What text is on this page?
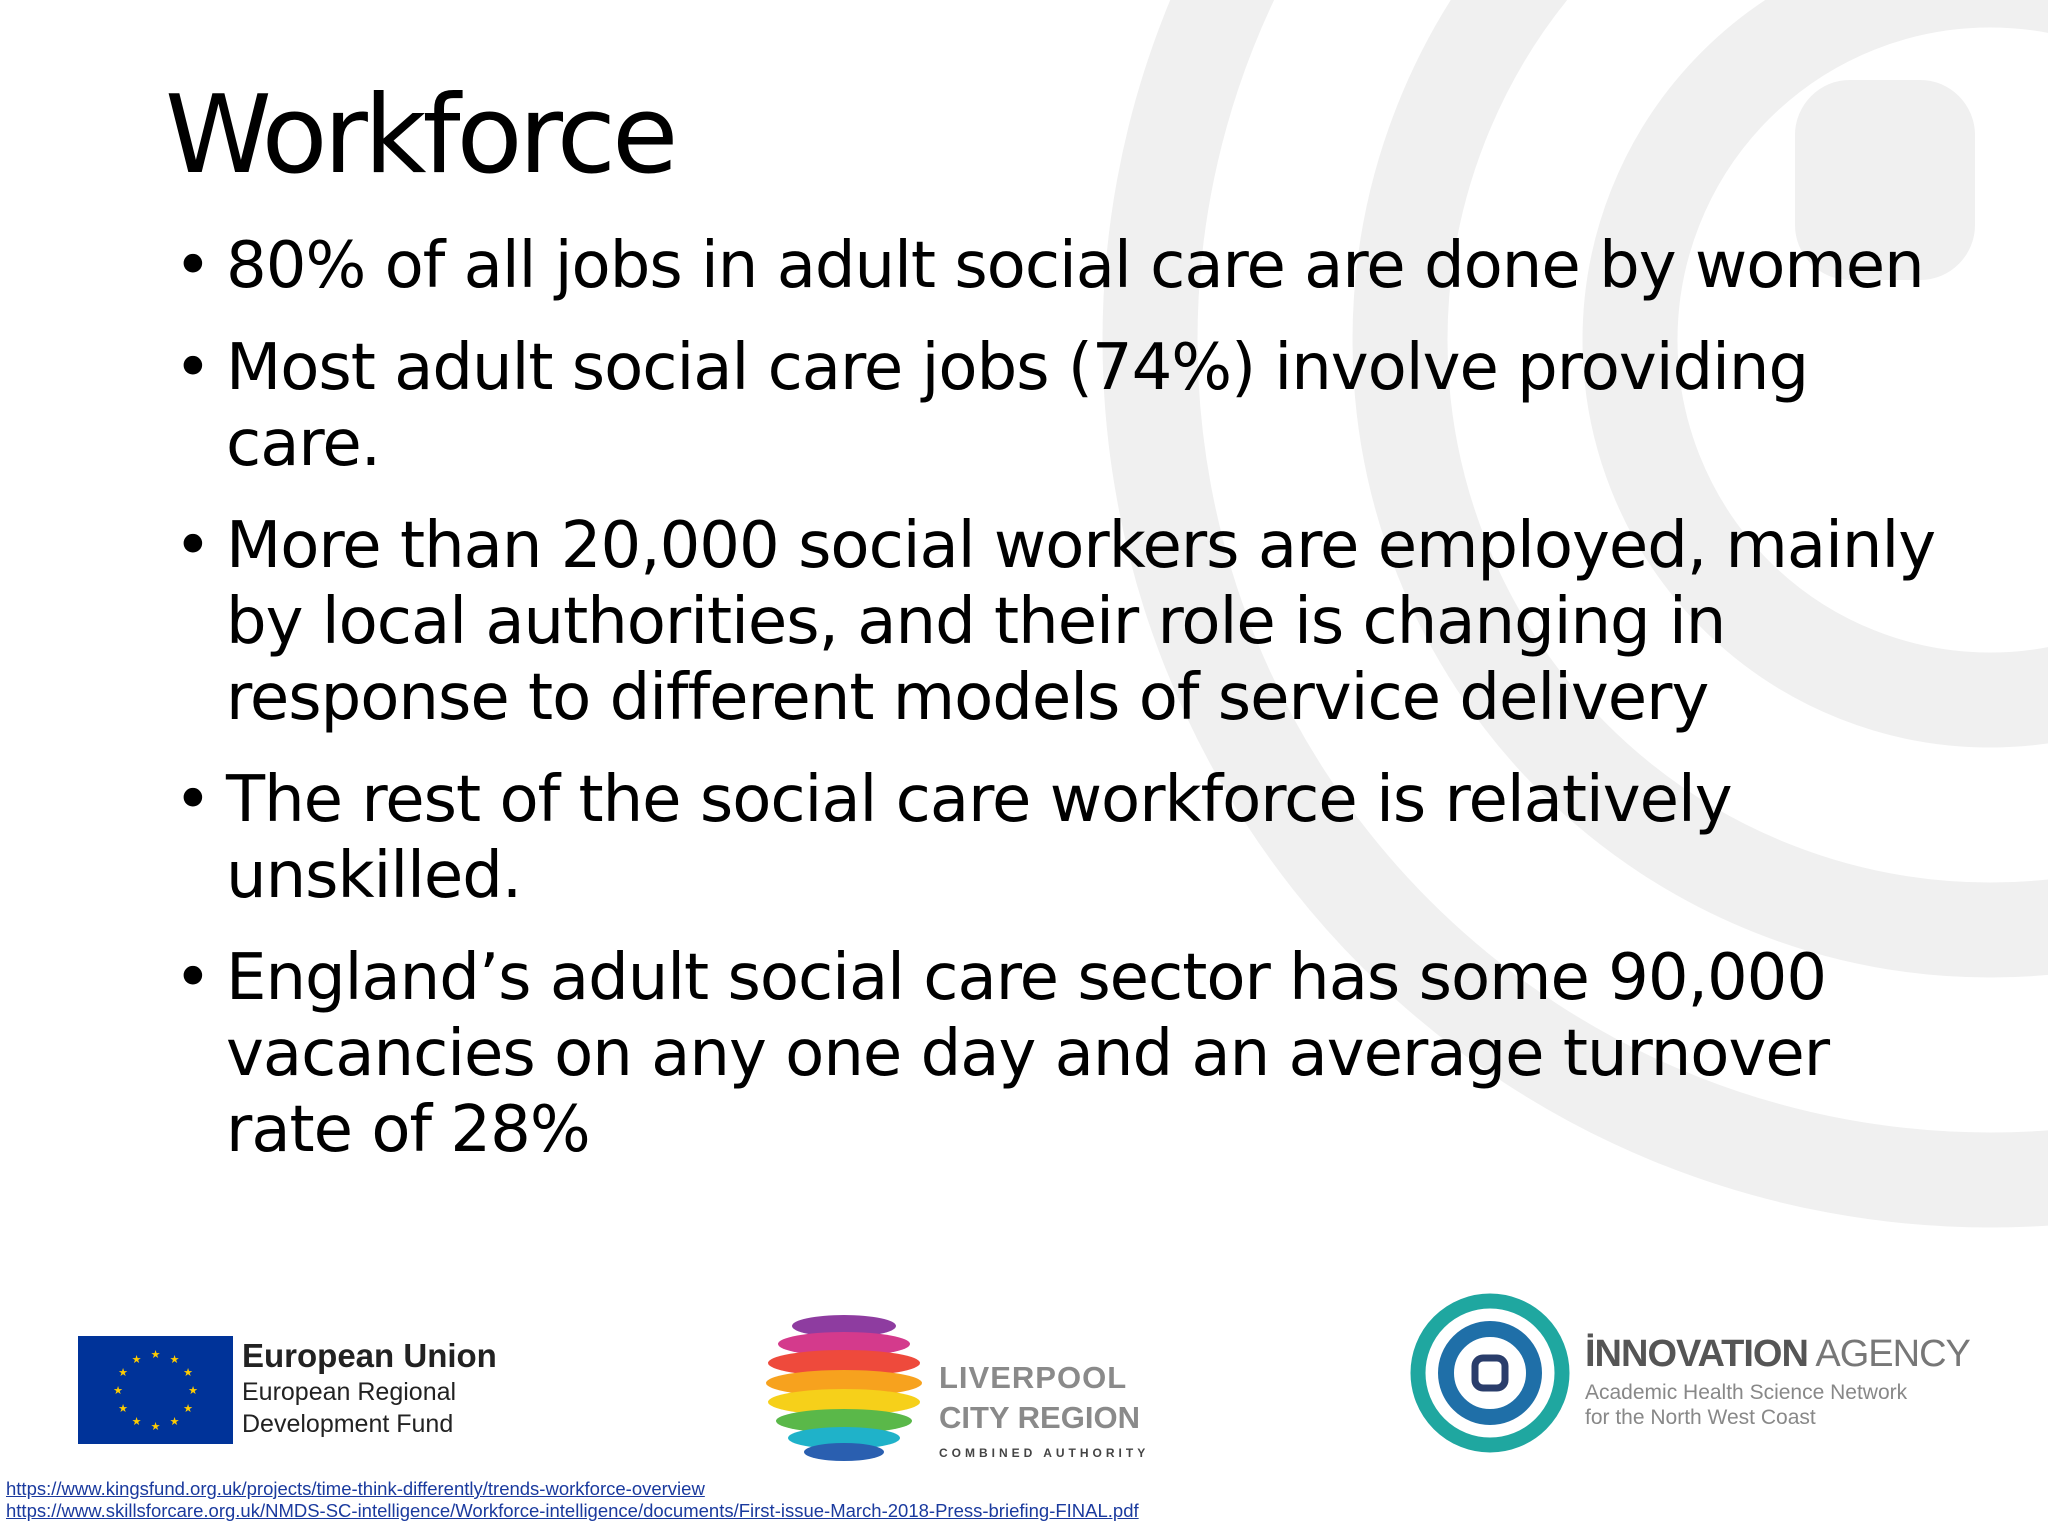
Workforce
• 80% of all jobs in adult social care are done by women
• Most adult social care jobs (74%) involve providing care.
• More than 20,000 social workers are employed, mainly by local authorities, and their role is changing in response to different models of service delivery
• The rest of the social care workforce is relatively unskilled.
• England’s adult social care sector has some 90,000 vacancies on any one day and an average turnover rate of 28%
★ ★
★
★
★
★
★
★
★
★
★
★	European Union
European Regional
Development Fund
LIVERPOOL
CITY REGION
COMBINED AUTHORITY
İNNOVATION AGENCY
Academic Health Science Network
for the North West Coast
https://www.kingsfund.org.uk/projects/time-think-differently/trends-workforce-overview
https://www.skillsforcare.org.uk/NMDS-SC-intelligence/Workforce-intelligence/documents/First-issue-March-2018-Press-briefing-FINAL.pdf
